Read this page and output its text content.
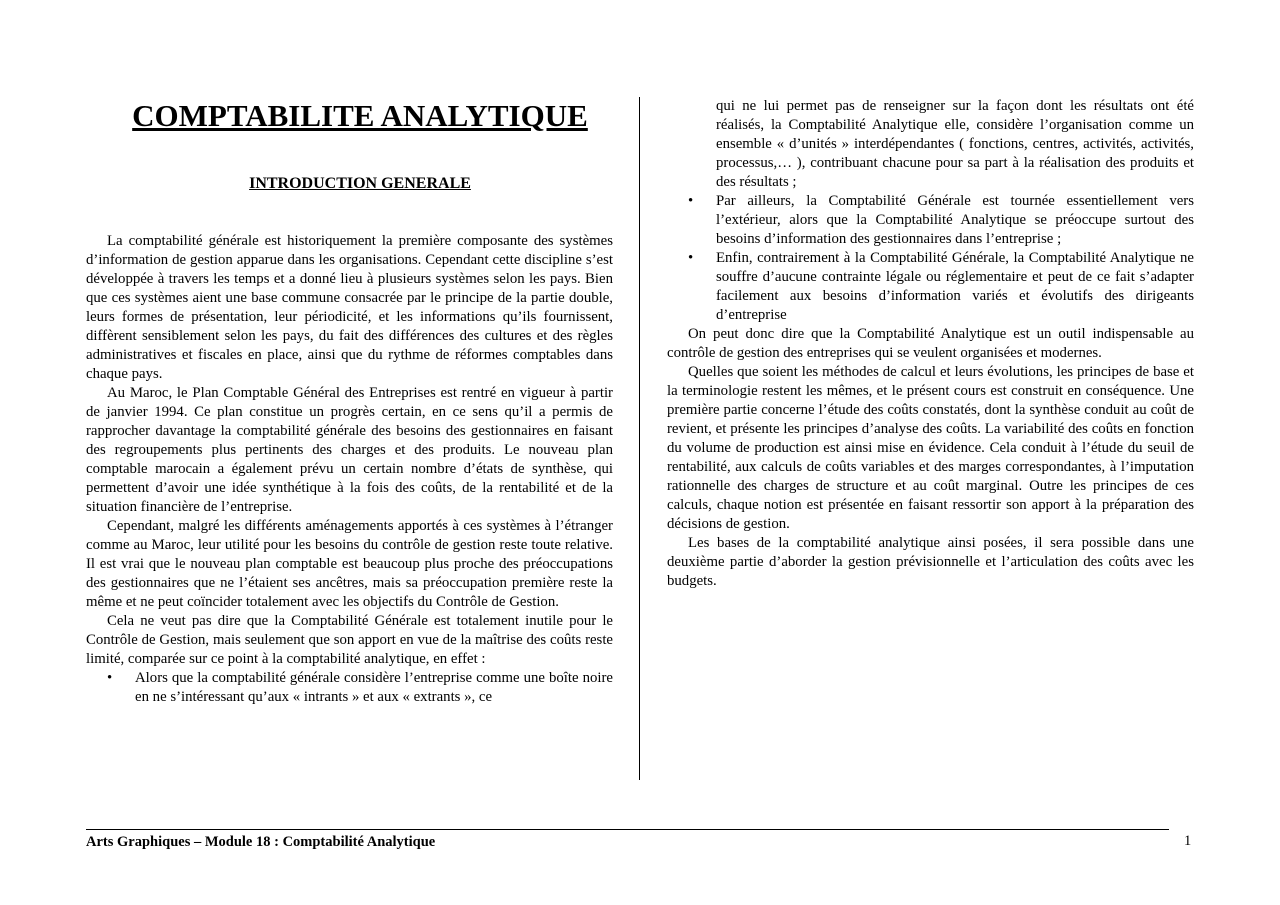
COMPTABILITE ANALYTIQUE
INTRODUCTION GENERALE

La comptabilité générale est historiquement la première composante des systèmes d’information de gestion apparue dans les organisations. Cependant cette discipline s’est développée à travers les temps et a donné lieu à plusieurs systèmes selon les pays. Bien que ces systèmes aient une base commune consacrée par le principe de la partie double, leurs formes de présentation, leur périodicité, et les informations qu’ils fournissent, diffèrent sensiblement selon les pays, du fait des différences des cultures et des règles administratives et fiscales en place, ainsi que du rythme de réformes comptables dans chaque pays.

Au Maroc, le Plan Comptable Général des Entreprises est rentré en vigueur à partir de janvier 1994. Ce plan constitue un progrès certain, en ce sens qu’il a permis de rapprocher davantage la comptabilité générale des besoins des gestionnaires en faisant des regroupements plus pertinents des charges et des produits. Le nouveau plan comptable marocain a également prévu un certain nombre d’états de synthèse, qui permettent d’avoir une idée synthétique à la fois des coûts, de la rentabilité et de la situation financière de l’entreprise.

Cependant, malgré les différents aménagements apportés à ces systèmes à l’étranger comme au Maroc, leur utilité pour les besoins du contrôle de gestion reste toute relative. Il est vrai que le nouveau plan comptable est beaucoup plus proche des préoccupations des gestionnaires que ne l’étaient ses ancêtres, mais sa préoccupation première reste la même et ne peut coïncider totalement avec les objectifs du Contrôle de Gestion.

Cela ne veut pas dire que la Comptabilité Générale est totalement inutile pour le Contrôle de Gestion, mais seulement que son apport en vue de la maîtrise des coûts reste limité, comparée sur ce point à la comptabilité analytique, en effet :

• Alors que la comptabilité générale considère l’entreprise comme une boîte noire en ne s’intéressant qu’aux « intrants » et aux « extrants », ce
qui ne lui permet pas de renseigner sur la façon dont les résultats ont été réalisés, la Comptabilité Analytique elle, considère l’organisation comme un ensemble « d’unités » interdépendantes ( fonctions, centres, activités, activités, processus,… ), contribuant chacune pour sa part à la réalisation des produits et des résultats ;
• Par ailleurs, la Comptabilité Générale est tournée essentiellement vers l’extérieur, alors que la Comptabilité Analytique se préoccupe surtout des besoins d’information des gestionnaires dans l’entreprise ;
• Enfin, contrairement à la Comptabilité Générale, la Comptabilité Analytique ne souffre d’aucune contrainte légale ou réglementaire et peut de ce fait s’adapter facilement aux besoins d’information variés et évolutifs des dirigeants d’entreprise

On peut donc dire que la Comptabilité Analytique est un outil indispensable au contrôle de gestion des entreprises qui se veulent organisées et modernes.

Quelles que soient les méthodes de calcul et leurs évolutions, les principes de base et la terminologie restent les mêmes, et le présent cours est construit en conséquence. Une première partie concerne l’étude des coûts constatés, dont la synthèse conduit au coût de revient, et présente les principes d’analyse des coûts. La variabilité des coûts en fonction du volume de production est ainsi mise en évidence. Cela conduit à l’étude du seuil de rentabilité, aux calculs de coûts variables et des marges correspondantes, à l’imputation rationnelle des charges de structure et au coût marginal. Outre les principes de ces calculs, chaque notion est présentée en faisant ressortir son apport à la préparation des décisions de gestion.

Les bases de la comptabilité analytique ainsi posées, il sera possible dans une deuxième partie d’aborder la gestion prévisionnelle et l’articulation des coûts avec les budgets.

Arts Graphiques – Module 18 : Comptabilité Analytique	1
